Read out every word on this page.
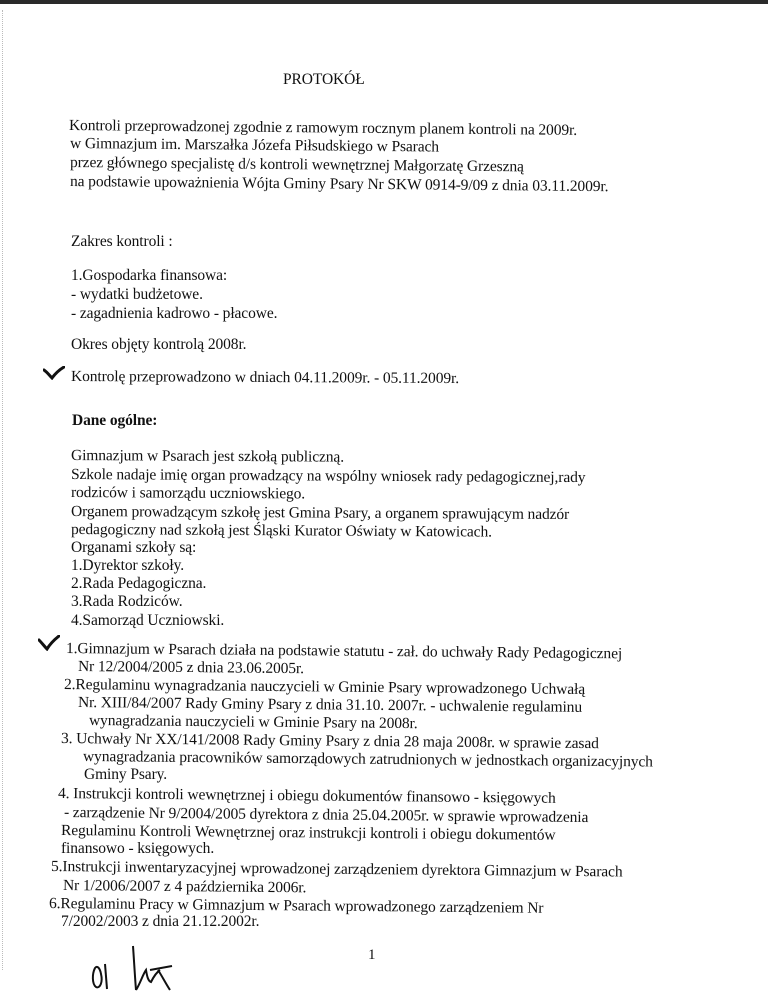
PROTOKÓŁ
Kontroli przeprowadzonej zgodnie z ramowym rocznym planem kontroli na 2009r.
w Gimnazjum im. Marszałka Józefa Piłsudskiego w Psarach
przez głównego specjalistę d/s kontroli wewnętrznej Małgorzatę Grzeszną
na podstawie upoważnienia Wójta Gminy Psary Nr SKW 0914-9/09 z dnia 03.11.2009r.
Zakres kontroli :
1.Gospodarka finansowa:
- wydatki budżetowe.
- zagadnienia kadrowo - płacowe.
Okres objęty kontrolą 2008r.
Kontrolę przeprowadzono w dniach 04.11.2009r. - 05.11.2009r.
Dane ogólne:
Gimnazjum w Psarach jest szkołą publiczną.
Szkole nadaje imię organ prowadzący na wspólny wniosek rady pedagogicznej,rady
rodziców i samorządu uczniowskiego.
Organem prowadzącym szkołę jest Gmina Psary, a organem sprawującym nadzór
pedagogiczny nad szkołą jest Śląski Kurator Oświaty w Katowicach.
Organami szkoły są:
1.Dyrektor szkoły.
2.Rada Pedagogiczna.
3.Rada Rodziców.
4.Samorząd Uczniowski.
1.Gimnazjum w Psarach działa na podstawie statutu - zał. do uchwały Rady Pedagogicznej
Nr 12/2004/2005 z dnia 23.06.2005r.
2.Regulaminu wynagradzania nauczycieli w Gminie Psary wprowadzonego Uchwałą
Nr. XIII/84/2007 Rady Gminy Psary z dnia 31.10. 2007r. - uchwalenie regulaminu
wynagradzania nauczycieli w Gminie Psary na 2008r.
3. Uchwały Nr XX/141/2008 Rady Gminy Psary z dnia 28 maja 2008r. w sprawie zasad
wynagradzania pracowników samorządowych zatrudnionych w jednostkach organizacyjnych
Gminy Psary.
4. Instrukcji kontroli wewnętrznej i obiegu dokumentów finansowo - księgowych
- zarządzenie Nr 9/2004/2005 dyrektora z dnia 25.04.2005r. w sprawie wprowadzenia
Regulaminu Kontroli Wewnętrznej oraz instrukcji kontroli i obiegu dokumentów
finansowo - księgowych.
5.Instrukcji inwentaryzacyjnej wprowadzonej zarządzeniem dyrektora Gimnazjum w Psarach
Nr 1/2006/2007 z 4 października 2006r.
6.Regulaminu Pracy w Gimnazjum w Psarach wprowadzonego zarządzeniem Nr
7/2002/2003 z dnia 21.12.2002r.
1
